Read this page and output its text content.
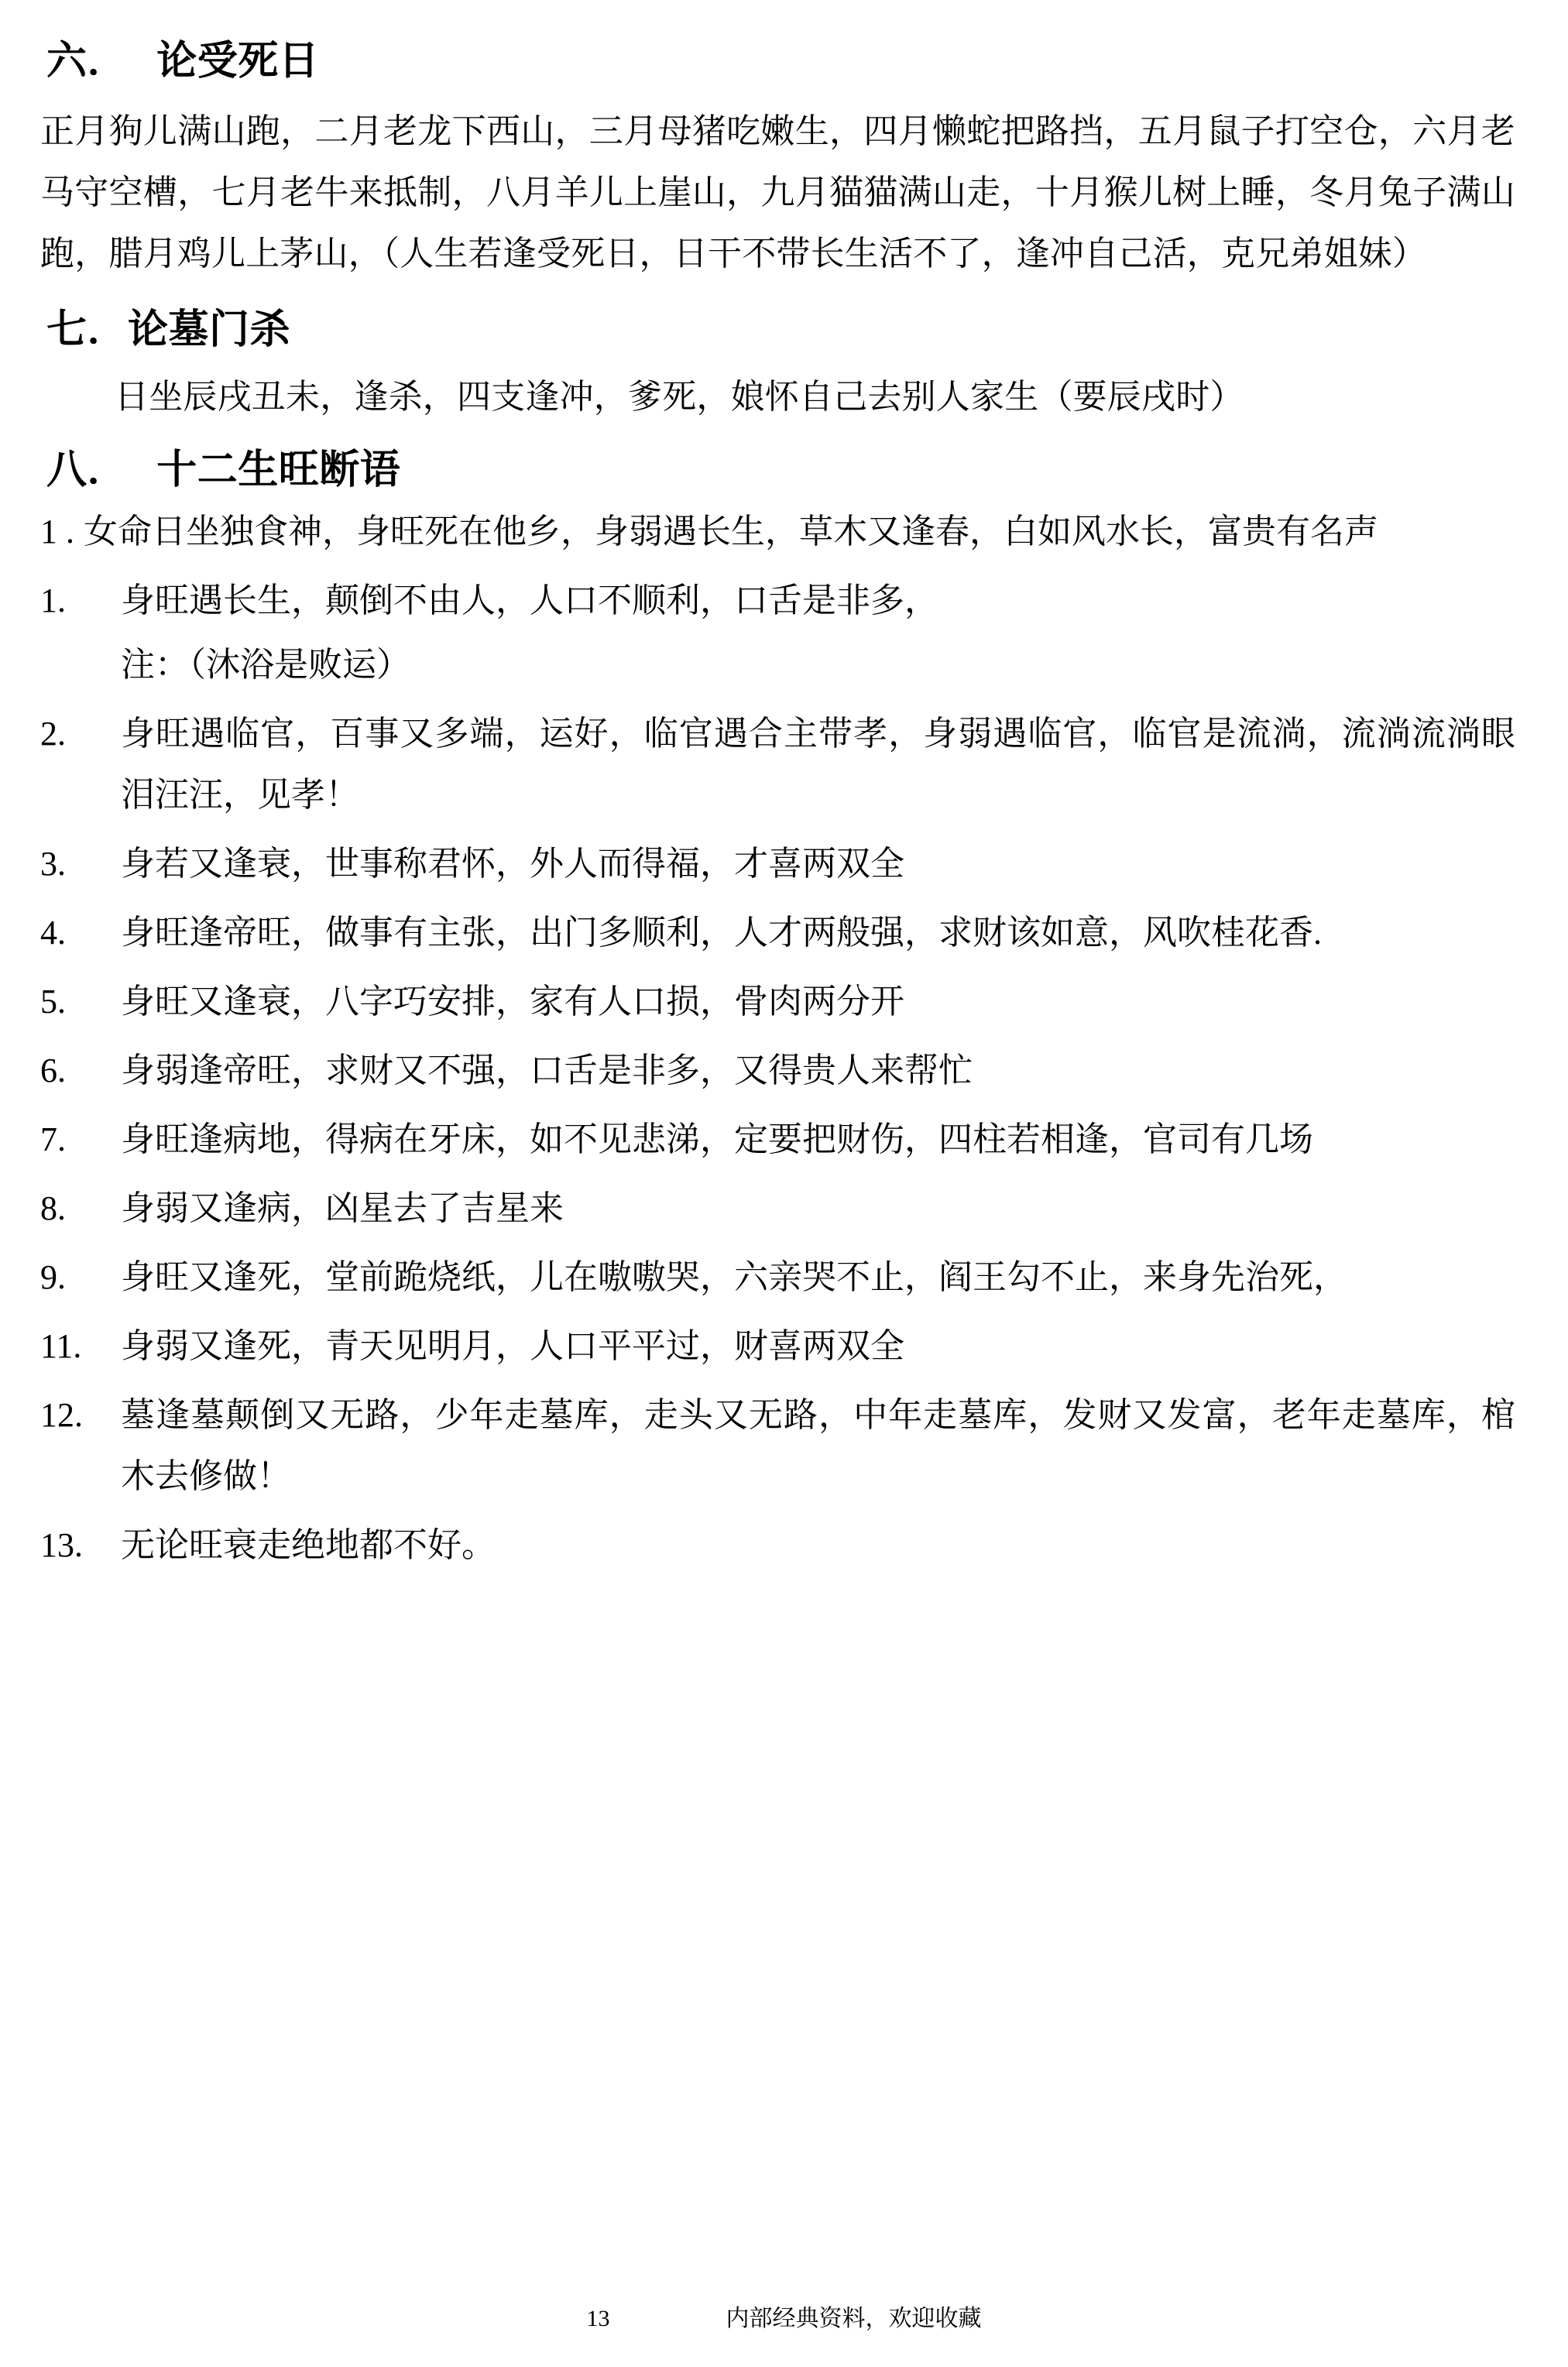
六．  论受死日

正月狗儿满山跑，二月老龙下西山，三月母猪吃嫩生，四月懒蛇把路挡，五月鼠子打空仓，六月老马守空槽，七月老牛来抵制，八月羊儿上崖山，九月猫猫满山走，十月猴儿树上睡，冬月兔子满山跑，腊月鸡儿上茅山，（人生若逢受死日，日干不带长生活不了，逢冲自己活，克兄弟姐妹）

七．论墓门杀

日坐辰戌丑未，逢杀，四支逢冲，爹死，娘怀自己去别人家生（要辰戌时）

八．  十二生旺断语
1 . 女命日坐独食神，身旺死在他乡，身弱遇长生，草木又逢春，白如风水长，富贵有名声
1.	身旺遇长生，颠倒不由人，人口不顺利，口舌是非多，
注：（沐浴是败运）
2.	身旺遇临官，百事又多端，运好，临官遇合主带孝，身弱遇临官，临官是流淌，流淌流淌眼泪汪汪，见孝！
3.	身若又逢衰，世事称君怀，外人而得福，才喜两双全
4.	身旺逢帝旺，做事有主张，出门多顺利，人才两般强，求财该如意，风吹桂花香.
5.	身旺又逢衰，八字巧安排，家有人口损，骨肉两分开
6.	身弱逢帝旺，求财又不强，口舌是非多，又得贵人来帮忙
7.	身旺逢病地，得病在牙床，如不见悲涕，定要把财伤，四柱若相逢，官司有几场
8.	身弱又逢病，凶星去了吉星来
9.	身旺又逢死，堂前跪烧纸，儿在嗷嗷哭，六亲哭不止，阎王勾不止，来身先治死，
11.	身弱又逢死，青天见明月，人口平平过，财喜两双全
12.	墓逢墓颠倒又无路，少年走墓库，走头又无路，中年走墓库，发财又发富，老年走墓库，棺木去修做！
13.	无论旺衰走绝地都不好。
13	内部经典资料，欢迎收藏
